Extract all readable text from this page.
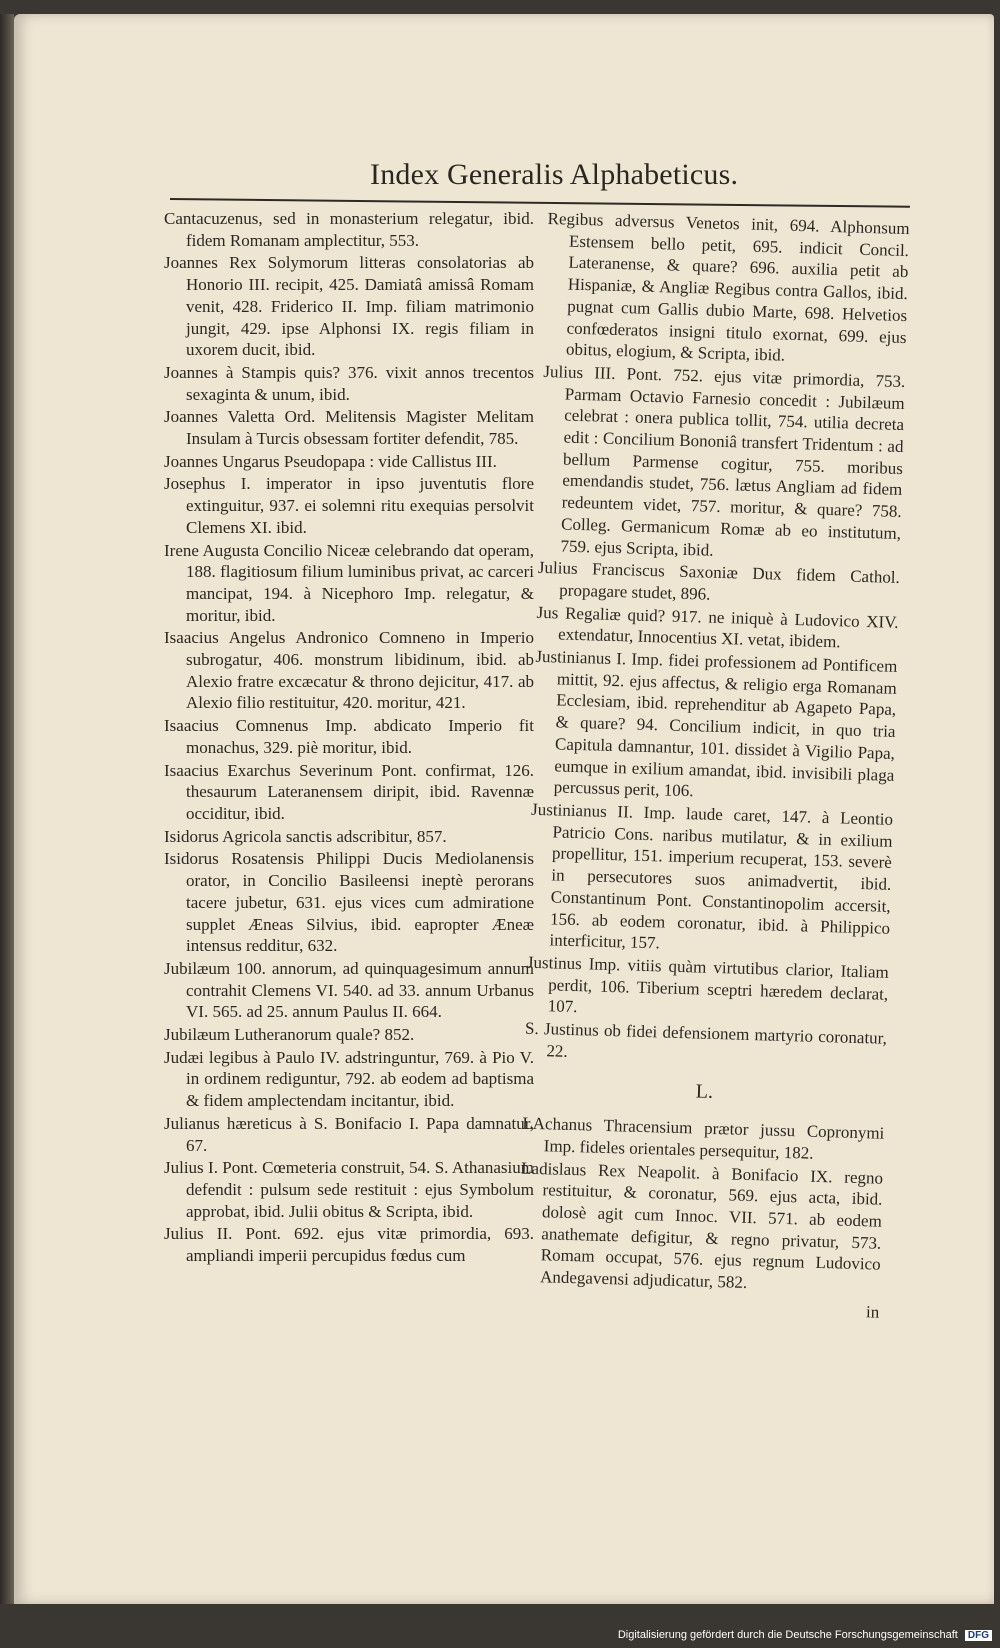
Index Generalis Alphabeticus.
Cantacuzenus, sed in monasterium relegatur, ibid. fidem Romanam amplectitur, 553.
Joannes Rex Solymorum litteras consolatorias ab Honorio III. recipit, 425. Damiatâ amissâ Romam venit, 428. Friderico II. Imp. filiam matrimonio jungit, 429. ipse Alphonsi IX. regis filiam in uxorem ducit, ibid.
Joannes à Stampis quis? 376. vixit annos trecentos sexaginta & unum, ibid.
Joannes Valetta Ord. Melitensis Magister Melitam Insulam à Turcis obsessam fortiter defendit, 785.
Joannes Ungarus Pseudopapa : vide Callistus III.
Josephus I. imperator in ipso juventutis flore extinguitur, 937. ei solemni ritu exequias persolvit Clemens XI. ibid.
Irene Augusta Concilio Niceæ celebrando dat operam, 188. flagitiosum filium luminibus privat, ac carceri mancipat, 194. à Nicephoro Imp. relegatur, & moritur, ibid.
Isaacius Angelus Andronico Comneno in Imperio subrogatur, 406. monstrum libidinum, ibid. ab Alexio fratre excæcatur & throno dejicitur, 417. ab Alexio filio restituitur, 420. moritur, 421.
Isaacius Comnenus Imp. abdicato Imperio fit monachus, 329. piè moritur, ibid.
Isaacius Exarchus Severinum Pont. confirmat, 126. thesaurum Lateranensem diripit, ibid. Ravennæ occiditur, ibid.
Isidorus Agricola sanctis adscribitur, 857.
Isidorus Rosatensis Philippi Ducis Mediolanensis orator, in Concilio Basileensi ineptè perorans tacere jubetur, 631. ejus vices cum admiratione supplet Æneas Silvius, ibid. eapropter Æneæ intensus redditur, 632.
Jubilæum 100. annorum, ad quinquagesimum annum contrahit Clemens VI. 540. ad 33. annum Urbanus VI. 565. ad 25. annum Paulus II. 664.
Jubilæum Lutheranorum quale? 852.
Judæi legibus à Paulo IV. adstringuntur, 769. à Pio V. in ordinem rediguntur, 792. ab eodem ad baptisma & fidem amplectendam incitantur, ibid.
Julianus hæreticus à S. Bonifacio I. Papa damnatur, 67.
Julius I. Pont. Cœmeteria construit, 54. S. Athanasium defendit : pulsum sede restituit : ejus Symbolum approbat, ibid. Julii obitus & Scripta, ibid.
Julius II. Pont. 692. ejus vitæ primordia, 693. ampliandi imperii percupidus fœdus cum
Regibus adversus Venetos init, 694. Alphonsum Estensem bello petit, 695. indicit Concil. Lateranense, & quare? 696. auxilia petit ab Hispaniæ, & Angliæ Regibus contra Gallos, ibid. pugnat cum Gallis dubio Marte, 698. Helvetios confœderatos insigni titulo exornat, 699. ejus obitus, elogium, & Scripta, ibid.
Julius III. Pont. 752. ejus vitæ primordia, 753. Parmam Octavio Farnesio concedit : Jubilæum celebrat : onera publica tollit, 754. utilia decreta edit : Concilium Bononiâ transfert Tridentum : ad bellum Parmense cogitur, 755. moribus emendandis studet, 756. lætus Angliam ad fidem redeuntem videt, 757. moritur, & quare? 758. Colleg. Germanicum Romæ ab eo institutum, 759. ejus Scripta, ibid.
Julius Franciscus Saxoniæ Dux fidem Cathol. propagare studet, 896.
Jus Regaliæ quid? 917. ne iniquè à Ludovico XIV. extendatur, Innocentius XI. vetat, ibidem.
Justinianus I. Imp. fidei professionem ad Pontificem mittit, 92. ejus affectus, & religio erga Romanam Ecclesiam, ibid. reprehenditur ab Agapeto Papa, & quare? 94. Concilium indicit, in quo tria Capitula damnantur, 101. dissidet à Vigilio Papa, eumque in exilium amandat, ibid. invisibili plaga percussus perit, 106.
Justinianus II. Imp. laude caret, 147. à Leontio Patricio Cons. naribus mutilatur, & in exilium propellitur, 151. imperium recuperat, 153. severè in persecutores suos animadvertit, ibid. Constantinum Pont. Constantinopolim accersit, 156. ab eodem coronatur, ibid. à Philippico interficitur, 157.
Justinus Imp. vitiis quàm virtutibus clarior, Italiam perdit, 106. Tiberium sceptri hæredem declarat, 107.
S. Justinus ob fidei defensionem martyrio coronatur, 22.
L.
LAchanus Thracensium prætor jussu Copronymi Imp. fideles orientales persequitur, 182.
Ladislaus Rex Neapolit. à Bonifacio IX. regno restituitur, & coronatur, 569. ejus acta, ibid. dolosè agit cum Innoc. VII. 571. ab eodem anathemate defigitur, & regno privatur, 573. Romam occupat, 576. ejus regnum Ludovico Andegavensi adjudicatur, 582.
in
Digitalisierung gefördert durch die Deutsche Forschungsgemeinschaft DFG
